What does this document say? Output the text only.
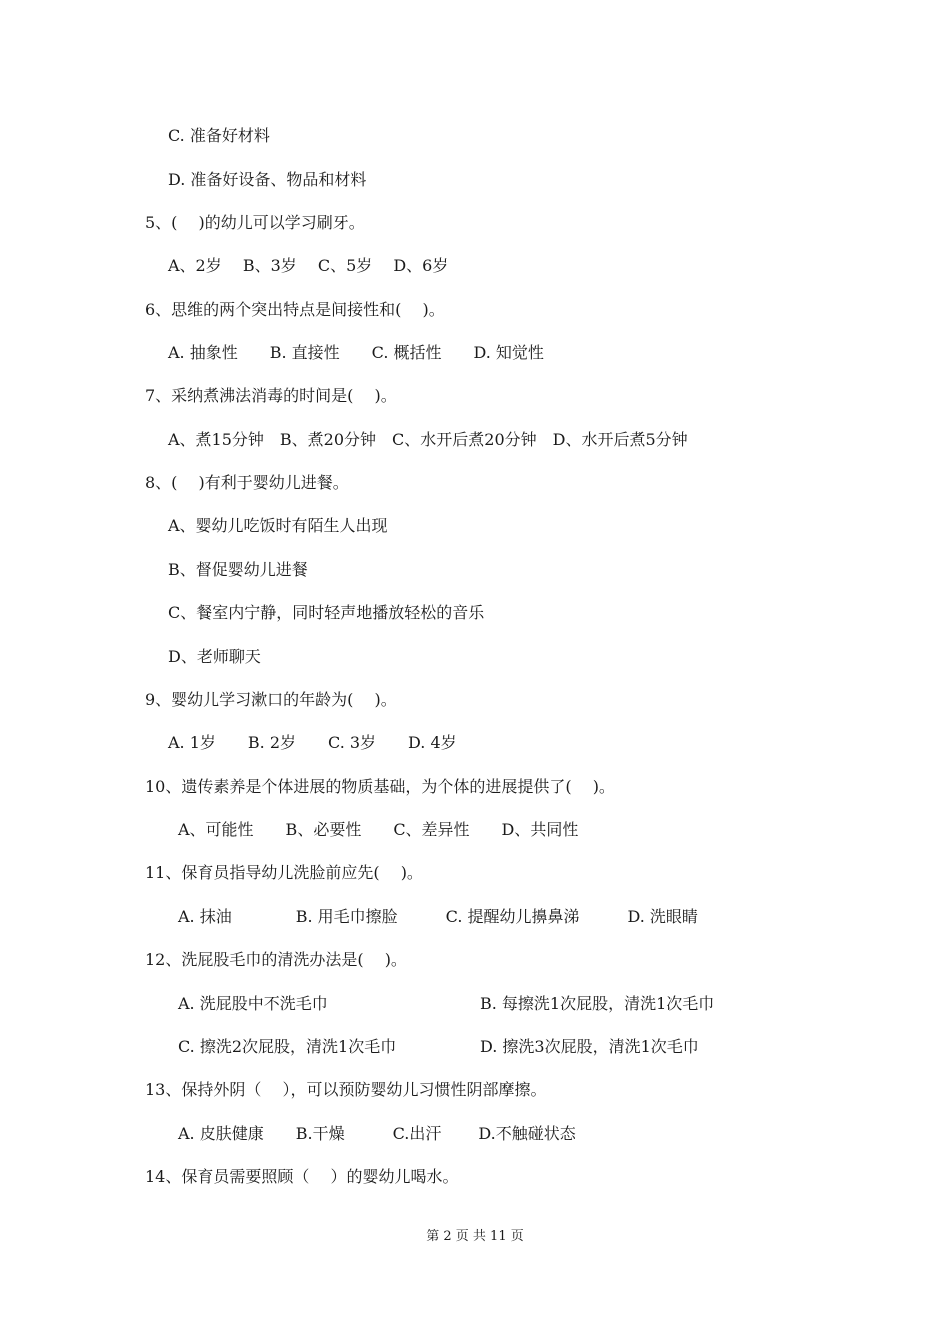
C. 准备好材料
D. 准备好设备、物品和材料
5、(　 )的幼儿可以学习刷牙。
A、2岁　 B、3岁　 C、5岁　 D、6岁
6、思维的两个突出特点是间接性和(　 )。
A. 抽象性　　B. 直接性　　C. 概括性　　D. 知觉性
7、采纳煮沸法消毒的时间是(　 )。
A、煮15分钟　B、煮20分钟　C、水开后煮20分钟　D、水开后煮5分钟
8、(　 )有利于婴幼儿进餐。
A、婴幼儿吃饭时有陌生人出现
B、督促婴幼儿进餐
C、餐室内宁静，同时轻声地播放轻松的音乐
D、老师聊天
9、婴幼儿学习漱口的年龄为(　 )。
A. 1岁　　B. 2岁　　C. 3岁　　D. 4岁
10、遗传素养是个体进展的物质基础，为个体的进展提供了(　 )。
A、可能性　　B、必要性　　C、差异性　　D、共同性
11、保育员指导幼儿洗脸前应先(　 )。
A. 抹油　　　　B. 用毛巾擦脸　　　C. 提醒幼儿擤鼻涕　　　D. 洗眼睛
12、洗屁股毛巾的清洗办法是(　 )。
A. 洗屁股中不洗毛巾	B. 每擦洗1次屁股，清洗1次毛巾
C. 擦洗2次屁股，清洗1次毛巾	D. 擦洗3次屁股，清洗1次毛巾
13、保持外阴（　 ），可以预防婴幼儿习惯性阴部摩擦。
A. 皮肤健康　　B.干燥　　　C.出汗　　 D.不触碰状态
14、保育员需要照顾（　 ）的婴幼儿喝水。
第 2 页 共 11 页
